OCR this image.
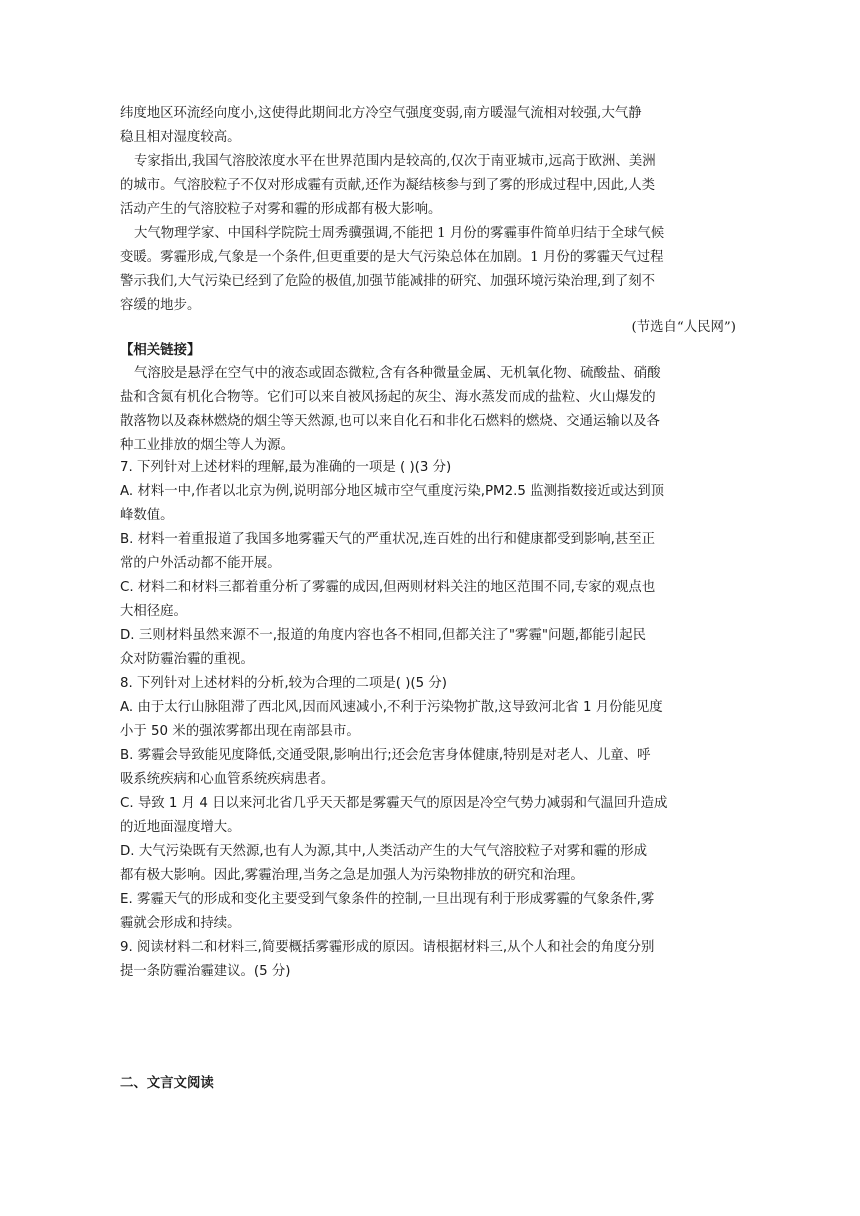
纬度地区环流经向度小,这使得此期间北方冷空气强度变弱,南方暖湿气流相对较强,大气静
稳且相对湿度较高。
专家指出,我国气溶胶浓度水平在世界范围内是较高的,仅次于南亚城市,远高于欧洲、美洲
的城市。气溶胶粒子不仅对形成霾有贡献,还作为凝结核参与到了雾的形成过程中,因此,人类
活动产生的气溶胶粒子对雾和霾的形成都有极大影响。
大气物理学家、中国科学院院士周秀骥强调,不能把 1 月份的雾霾事件简单归结于全球气候
变暖。雾霾形成,气象是一个条件,但更重要的是大气污染总体在加剧。1 月份的雾霾天气过程
警示我们,大气污染已经到了危险的极值,加强节能减排的研究、加强环境污染治理,到了刻不
容缓的地步。
(节选自“人民网”)
【相关链接】
气溶胶是悬浮在空气中的液态或固态微粒,含有各种微量金属、无机氧化物、硫酸盐、硝酸
盐和含氮有机化合物等。它们可以来自被风扬起的灰尘、海水蒸发而成的盐粒、火山爆发的
散落物以及森林燃烧的烟尘等天然源,也可以来自化石和非化石燃料的燃烧、交通运输以及各
种工业排放的烟尘等人为源。
7. 下列针对上述材料的理解,最为准确的一项是 ( )(3 分)
A. 材料一中,作者以北京为例,说明部分地区城市空气重度污染,PM2.5 监测指数接近或达到顶
峰数值。
B. 材料一着重报道了我国多地雾霾天气的严重状况,连百姓的出行和健康都受到影响,甚至正
常的户外活动都不能开展。
C. 材料二和材料三都着重分析了雾霾的成因,但两则材料关注的地区范围不同,专家的观点也
大相径庭。
D. 三则材料虽然来源不一,报道的角度内容也各不相同,但都关注了"雾霾"问题,都能引起民
众对防霾治霾的重视。
8. 下列针对上述材料的分析,较为合理的二项是( )(5 分)
A. 由于太行山脉阻滞了西北风,因而风速减小,不利于污染物扩散,这导致河北省 1 月份能见度
小于 50 米的强浓雾都出现在南部县市。
B. 雾霾会导致能见度降低,交通受限,影响出行;还会危害身体健康,特别是对老人、儿童、呼
吸系统疾病和心血管系统疾病患者。
C. 导致 1 月 4 日以来河北省几乎天天都是雾霾天气的原因是冷空气势力减弱和气温回升造成
的近地面湿度增大。
D. 大气污染既有天然源,也有人为源,其中,人类活动产生的大气气溶胶粒子对雾和霾的形成
都有极大影响。因此,雾霾治理,当务之急是加强人为污染物排放的研究和治理。
E. 雾霾天气的形成和变化主要受到气象条件的控制,一旦出现有利于形成雾霾的气象条件,雾
霾就会形成和持续。
9. 阅读材料二和材料三,简要概括雾霾形成的原因。请根据材料三,从个人和社会的角度分别
提一条防霾治霾建议。(5 分)
二、文言文阅读
